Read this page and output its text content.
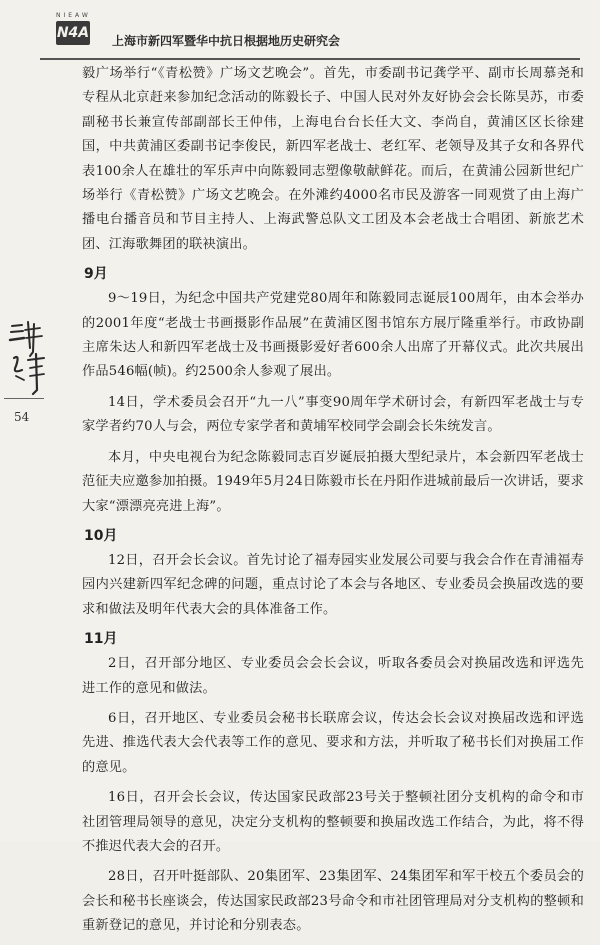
NIEAW
N4A 上海市新四军暨华中抗日根据地历史研究会
54

毅广场举行“《青松赞》广场文艺晚会”。首先，市委副书记龚学平、副市长周慕尧和专程从北京赶来参加纪念活动的陈毅长子、中国人民对外友好协会会长陈昊苏，市委副秘书长兼宣传部副部长王仲伟，上海电台台长任大文、李尚自，黄浦区区长徐建国，中共黄浦区委副书记李俊民，新四军老战士、老红军、老领导及其子女和各界代表100余人在雄壮的军乐声中向陈毅同志塑像敬献鲜花。而后，在黄浦公园新世纪广场举行《青松赞》广场文艺晚会。在外滩约4000名市民及游客一同观赏了由上海广播电台播音员和节目主持人、上海武警总队文工团及本会老战士合唱团、新旅艺术团、江海歌舞团的联袂演出。

9月

9～19日，为纪念中国共产党建党80周年和陈毅同志诞辰100周年，由本会举办的2001年度“老战士书画摄影作品展”在黄浦区图书馆东方展厅隆重举行。市政协副主席朱达人和新四军老战士及书画摄影爱好者600余人出席了开幕仪式。此次共展出作品546幅(帧)。约2500余人参观了展出。

14日，学术委员会召开“九一八”事变90周年学术研讨会，有新四军老战士与专家学者约70人与会，两位专家学者和黄埔军校同学会副会长朱统发言。

本月，中央电视台为纪念陈毅同志百岁诞辰拍摄大型纪录片，本会新四军老战士范征夫应邀参加拍摄。1949年5月24日陈毅市长在丹阳作进城前最后一次讲话，要求大家“漂漂亮亮进上海”。

10月

12日，召开会长会议。首先讨论了福寿园实业发展公司要与我会合作在青浦福寿园内兴建新四军纪念碑的问题，重点讨论了本会与各地区、专业委员会换届改选的要求和做法及明年代表大会的具体准备工作。

11月

2日，召开部分地区、专业委员会会长会议，听取各委员会对换届改选和评选先进工作的意见和做法。

6日，召开地区、专业委员会秘书长联席会议，传达会长会议对换届改选和评选先进、推选代表大会代表等工作的意见、要求和方法，并听取了秘书长们对换届工作的意见。

16日，召开会长会议，传达国家民政部23号关于整顿社团分支机构的命令和市社团管理局领导的意见，决定分支机构的整顿要和换届改选工作结合，为此，将不得不推迟代表大会的召开。

28日，召开叶挺部队、20集团军、23集团军、24集团军和军干校五个委员会的会长和秘书长座谈会，传达国家民政部23号命令和市社团管理局对分支机构的整顿和重新登记的意见，并讨论和分别表态。
